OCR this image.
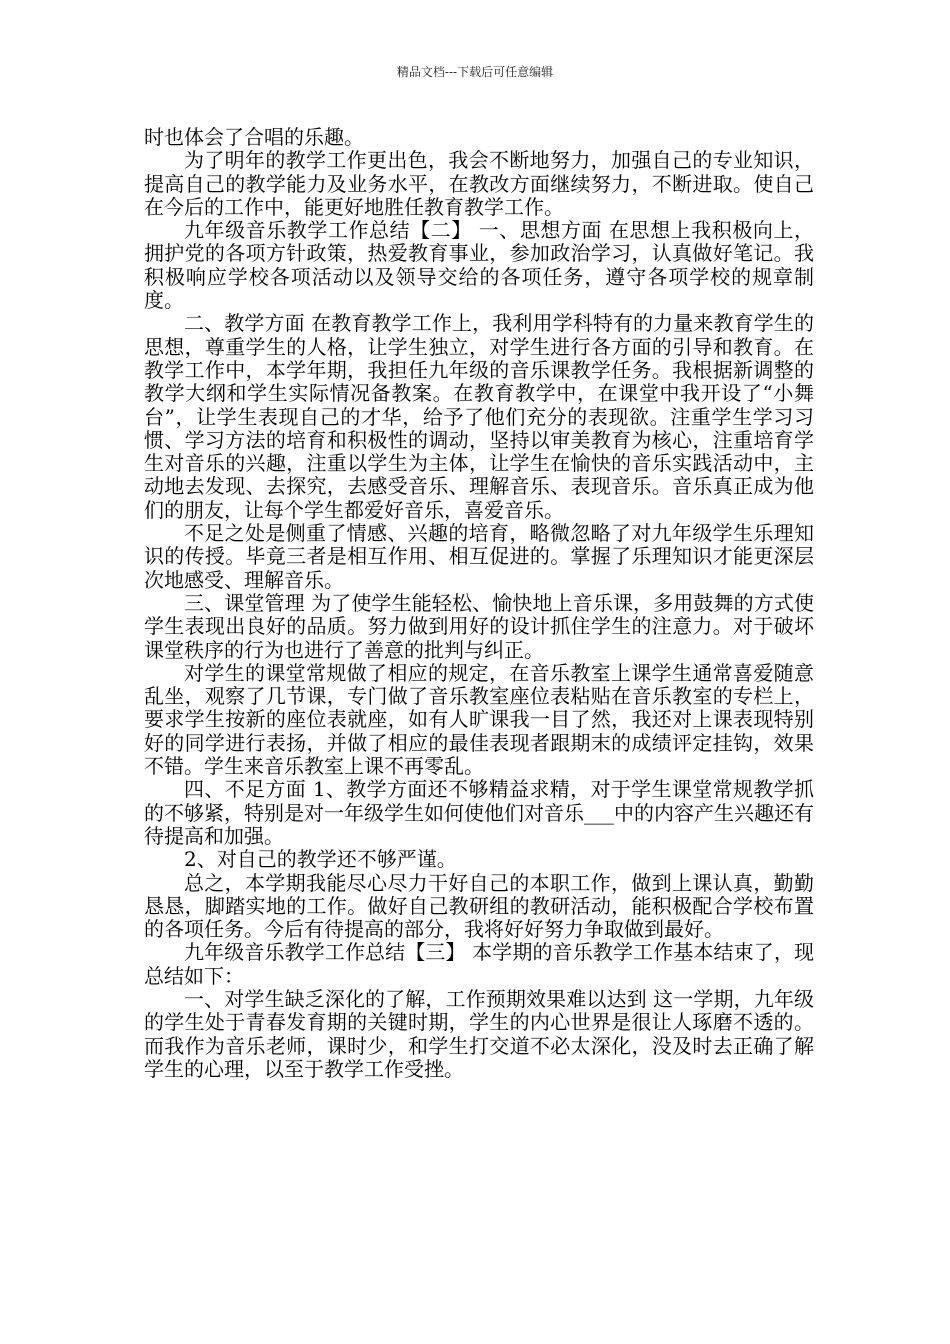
精品文档---下载后可任意编辑

时也体会了合唱的乐趣。

为了明年的教学工作更出色，我会不断地努力，加强自己的专业知识，提高自己的教学能力及业务水平，在教改方面继续努力，不断进取。使自己在今后的工作中，能更好地胜任教育教学工作。

九年级音乐教学工作总结【二】 一、思想方面 在思想上我积极向上，拥护党的各项方针政策，热爱教育事业，参加政治学习，认真做好笔记。我积极响应学校各项活动以及领导交给的各项任务，遵守各项学校的规章制度。

二、教学方面 在教育教学工作上，我利用学科特有的力量来教育学生的思想，尊重学生的人格，让学生独立，对学生进行各方面的引导和教育。在教学工作中，本学年期，我担任九年级的音乐课教学任务。我根据新调整的教学大纲和学生实际情况备教案。在教育教学中，在课堂中我开设了“小舞台”，让学生表现自己的才华，给予了他们充分的表现欲。注重学生学习习惯、学习方法的培育和积极性的调动，坚持以审美教育为核心，注重培育学生对音乐的兴趣，注重以学生为主体，让学生在愉快的音乐实践活动中，主动地去发现、去探究，去感受音乐、理解音乐、表现音乐。音乐真正成为他们的朋友，让每个学生都爱好音乐，喜爱音乐。

不足之处是侧重了情感、兴趣的培育，略微忽略了对九年级学生乐理知识的传授。毕竟三者是相互作用、相互促进的。掌握了乐理知识才能更深层次地感受、理解音乐。

三、课堂管理 为了使学生能轻松、愉快地上音乐课，多用鼓舞的方式使学生表现出良好的品质。努力做到用好的设计抓住学生的注意力。对于破坏课堂秩序的行为也进行了善意的批判与纠正。

对学生的课堂常规做了相应的规定，在音乐教室上课学生通常喜爱随意乱坐，观察了几节课，专门做了音乐教室座位表粘贴在音乐教室的专栏上，要求学生按新的座位表就座，如有人旷课我一目了然，我还对上课表现特别好的同学进行表扬，并做了相应的最佳表现者跟期末的成绩评定挂钩，效果不错。学生来音乐教室上课不再零乱。

四、不足方面 1、教学方面还不够精益求精，对于学生课堂常规教学抓的不够紧，特别是对一年级学生如何使他们对音乐___中的内容产生兴趣还有待提高和加强。

2、对自己的教学还不够严谨。

总之，本学期我能尽心尽力干好自己的本职工作，做到上课认真，勤勤恳恳，脚踏实地的工作。做好自己教研组的教研活动，能积极配合学校布置的各项任务。今后有待提高的部分，我将好好努力争取做到最好。

九年级音乐教学工作总结【三】 本学期的音乐教学工作基本结束了，现总结如下：

一、对学生缺乏深化的了解，工作预期效果难以达到 这一学期，九年级的学生处于青春发育期的关键时期，学生的内心世界是很让人琢磨不透的。而我作为音乐老师，课时少，和学生打交道不必太深化，没及时去正确了解学生的心理，以至于教学工作受挫。
